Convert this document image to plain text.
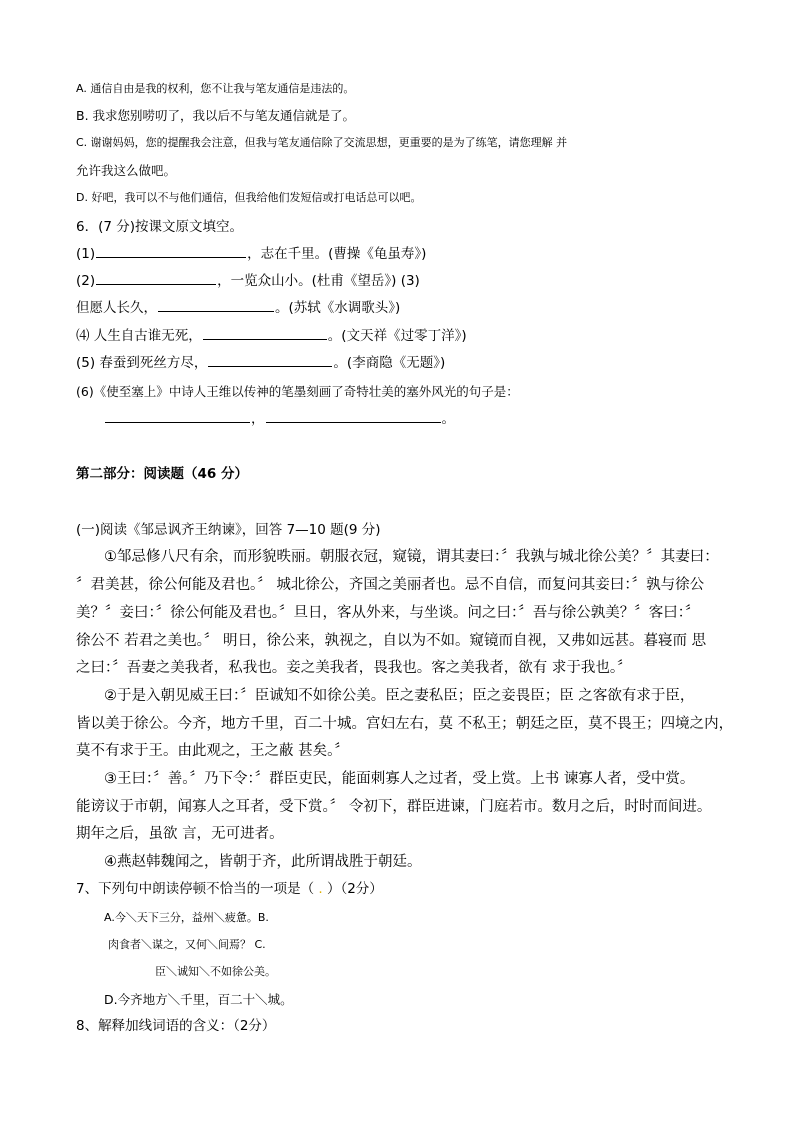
A. 通信自由是我的权利，您不让我与笔友通信是违法的。
B. 我求您别唠叨了，我以后不与笔友通信就是了。
C. 谢谢妈妈，您的提醒我会注意，但我与笔友通信除了交流思想，更重要的是为了练笔，请您理解 并
允许我这么做吧。
D. 好吧，我可以不与他们通信，但我给他们发短信或打电话总可以吧。
6．(7 分)按课文原文填空。
(1)	，志在千里。(曹操《龟虽寿》)
(2)	，一览众山小。(杜甫《望岳》) (3)
但愿人长久，	。(苏轼《水调歌头》)
⑷ 人生自古谁无死，	。(文天祥《过零丁洋》)
(5) 春蚕到死丝方尽，	。(李商隐《无题》)
(6)《使至塞上》中诗人王维以传神的笔墨刻画了奇特壮美的塞外风光的句子是：
，	。
第二部分：阅读题（46 分）
(一)阅读《邹忌讽齐王纳谏》，回答 7—10 题(9 分)
①邹忌修八尺有余，而形貌昳丽。朝服衣冠，窥镜，谓其妻曰：〞我孰与城北徐公美？〞其妻曰：
〞君美甚，徐公何能及君也。〞 城北徐公，齐国之美丽者也。忌不自信，而复问其妾曰：〞孰与徐公
美？〞妾曰：〞徐公何能及君也。〞旦日，客从外来，与坐谈。问之曰：〞吾与徐公孰美？〞客曰：〞
徐公不 若君之美也。〞 明日，徐公来，孰视之，自以为不如。窥镜而自视，又弗如远甚。暮寝而 思
之曰：〞吾妻之美我者，私我也。妾之美我者，畏我也。客之美我者，欲有 求于我也。〞
②于是入朝见威王曰：〞臣诚知不如徐公美。臣之妻私臣；臣之妾畏臣；臣 之客欲有求于臣，
皆以美于徐公。今齐，地方千里，百二十城。宫妇左右，莫 不私王；朝廷之臣，莫不畏王；四境之内，
莫不有求于王。由此观之，王之蔽 甚矣。〞
③王曰：〞善。〞乃下令：〞群臣吏民，能面刺寡人之过者，受上赏。上书 谏寡人者，受中赏。
能谤议于市朝，闻寡人之耳者，受下赏。〞 令初下，群臣进谏，门庭若市。数月之后，时时而间进。
期年之后，虽欲 言，无可进者。
④燕赵韩魏闻之，皆朝于齐，此所谓战胜于朝廷。
7、下列句中朗读停顿不恰当的一项是（ . ）（2分）
A.今＼天下三分，益州＼疲惫。B.
肉食者＼谋之，又何＼间焉？ C.
臣＼诚知＼不如徐公美。
D.今齐地方＼千里，百二十＼城。
8、解释加线词语的含义：（2分）
